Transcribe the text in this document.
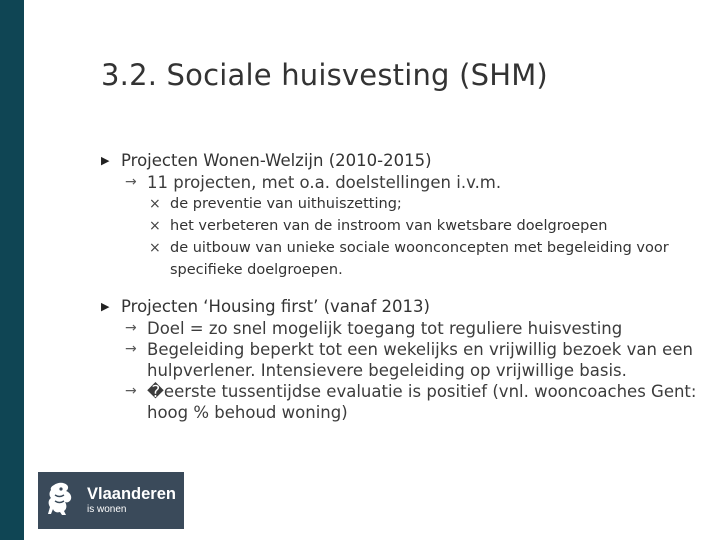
3.2. Sociale huisvesting (SHM)
▶ Projecten Wonen-Welzijn (2010-2015)
→ 11 projecten, met o.a. doelstellingen i.v.m.
× de preventie van uithuiszetting;
× het verbeteren van de instroom van kwetsbare doelgroepen
× de uitbouw van unieke sociale woonconcepten met begeleiding voor specifieke doelgroepen.
▶ Projecten ‘Housing first’ (vanaf 2013)
→ Doel = zo snel mogelijk toegang tot reguliere huisvesting
→ Begeleiding beperkt tot een wekelijks en vrijwillig bezoek van een hulpverlener. Intensievere begeleiding op vrijwillige basis.
→ �eerste tussentijdse evaluatie is positief (vnl. wooncoaches Gent: hoog % behoud woning)
Vlaanderen
is wonen
